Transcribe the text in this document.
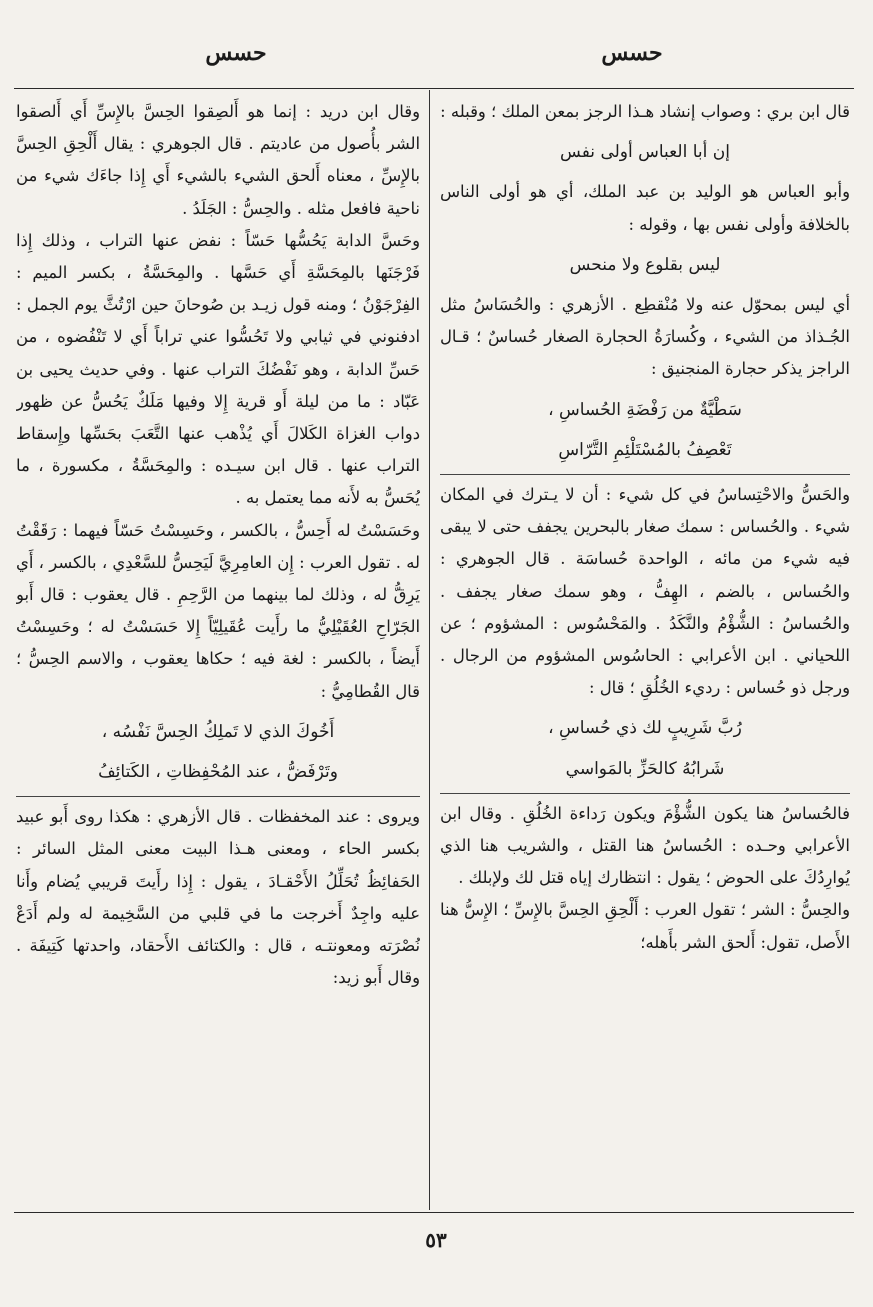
حسس
حسس

قال ابن بري : وصواب إنشاد هـذا الرجز بمعن الملك ؛ وقبله :

إن أبا العباس أولى نفس

وأبو العباس هو الوليد بن عبد الملك، أي هو أولى الناس بالخلافة وأولى نفس بها ، وقوله :

ليس بقلوع ولا منحس

أي ليس بمحوّل عنه ولا مُنْقطِع . الأزهري : والحُسَاسُ مثل الجُـذاذ من الشيء ، وكُسارَةُ الحجارة الصغار حُساسٌ ؛ قـال الراجز يذكر حجارة المنجنيق :

سَطْيَّةٌ من رَفْضَةِ الحُساسِ ،

تَعْصِفُ بالمُسْتَلْئِمِ التَّرّاسِ

والحَسُّ والاحْتِساسُ في كل شيء : أن لا يـترك في المكان شيء . والحُساس : سمك صغار بالبحرين يجفف حتى لا يبقى فيه شيء من مائه ، الواحدة حُساسَة . قال الجوهري : والحُساس ، بالضم ، الهِفُّ ، وهو سمك صغار يجفف . والحُساسُ : الشُّؤْمُ والنَّكَدُ . والمَحْسُوس : المشؤوم ؛ عن اللحياني . ابن الأعرابي : الحاسُوس المشؤوم من الرجال . ورجل ذو حُساس : رديء الخُلُقِ ؛ قال :

رُبَّ شَرِيبٍ لك ذي حُساسِ ،

شَرابُهُ كالحَزِّ بالمَواسي

فالحُساسُ هنا يكون الشُّؤْمَ ويكون رَداءة الخُلُقِ . وقال ابن الأعرابي وحـده : الحُساسُ هنا القتل ، والشريب هنا الذي يُوارِدُكَ على الحوض ؛ يقول : انتظارك إياه قتل لك ولإبلك .

والحِسُّ : الشر ؛ تقول العرب : أَلْحِقِ الحِسَّ بالإِسِّ ؛ الإِسُّ هنا الأَصل، تقول: أَلحق الشر بأَهله؛

وقال ابن دريد : إنما هو أَلصِقوا الحِسَّ بالإِسِّ أَي أَلصقوا الشر بأُصول من عاديتم . قال الجوهري : يقال أَلْحِقِ الحِسَّ بالإِسِّ ، معناه أَلحق الشيء بالشيء أَي إِذا جاءَك شيء من ناحية فافعل مثله . والحِسُّ : الجَلَدُ .

وحَسَّ الدابة يَحُسُّها حَسّاً : نفض عنها التراب ، وذلك إِذا فَرْجَنَها بالمِحَسَّةِ أَي حَسَّها . والمِحَسَّةُ ، بكسر الميم : الفِرْجَوْنُ ؛ ومنه قول زيـد بن صُوحانَ حين ارْتُثَّ يوم الجمل : ادفنوني في ثيابي ولا تَحُسُّوا عني تراباً أَي لا تَنْفُضوه ، من حَسِّ الدابة ، وهو نَفْضُكَ التراب عنها . وفي حديث يحيى بن عَبّاد : ما من ليلة أَو قرية إِلا وفيها مَلَكٌ يَحُسُّ عن ظهور دواب الغزاة الكَلالَ أَي يُذْهب عنها التَّعَبَ بحَسِّها وإِسقاط التراب عنها . قال ابن سيـده : والمِحَسَّةُ ، مكسورة ، ما يُحَسُّ به لأَنه مما يعتمل به .

وحَسَسْتُ له أَحِسُّ ، بالكسر ، وحَسِسْتُ حَسّاً فيهما : رَقَقْتُ له . تقول العرب : إِن العامِرِيَّ لَيَحِسُّ للسَّعْدِي ، بالكسر ، أَي يَرِقُّ له ، وذلك لما بينهما من الرَّحِمِ . قال يعقوب : قال أَبو الجَرّاحِ العُقَيْلِيُّ ما رأَيت عُقَيلِيّاً إِلا حَسَسْتُ له ؛ وحَسِسْتُ أَيضاً ، بالكسر : لغة فيه ؛ حكاها يعقوب ، والاسم الحِسُّ ؛ قال القُطامِيُّ :

أَخُوكَ الذي لا تَملِكُ الحِسَّ نَفْسُه ،

وتَرْفَضُّ ، عند المُحْفِظاتِ ، الكَتائِفُ

ويروى : عند المخفظات . قال الأزهري : هكذا روى أَبو عبيد بكسر الحاء ، ومعنى هـذا البيت معنى المثل السائر : الحَفائِظُ تُحَلِّلُ الأَحْقـادَ ، يقول : إِذا رأَيتَ قريبي يُضام وأَنا عليه واجِدٌ أَخرجت ما في قلبي من السَّخِيمة له ولم أَدَعْ نُصْرَته ومعونتـه ، قال : والكتائف الأَحقاد، واحدتها كَتِيفَة . وقال أَبو زيد:

٥٣
